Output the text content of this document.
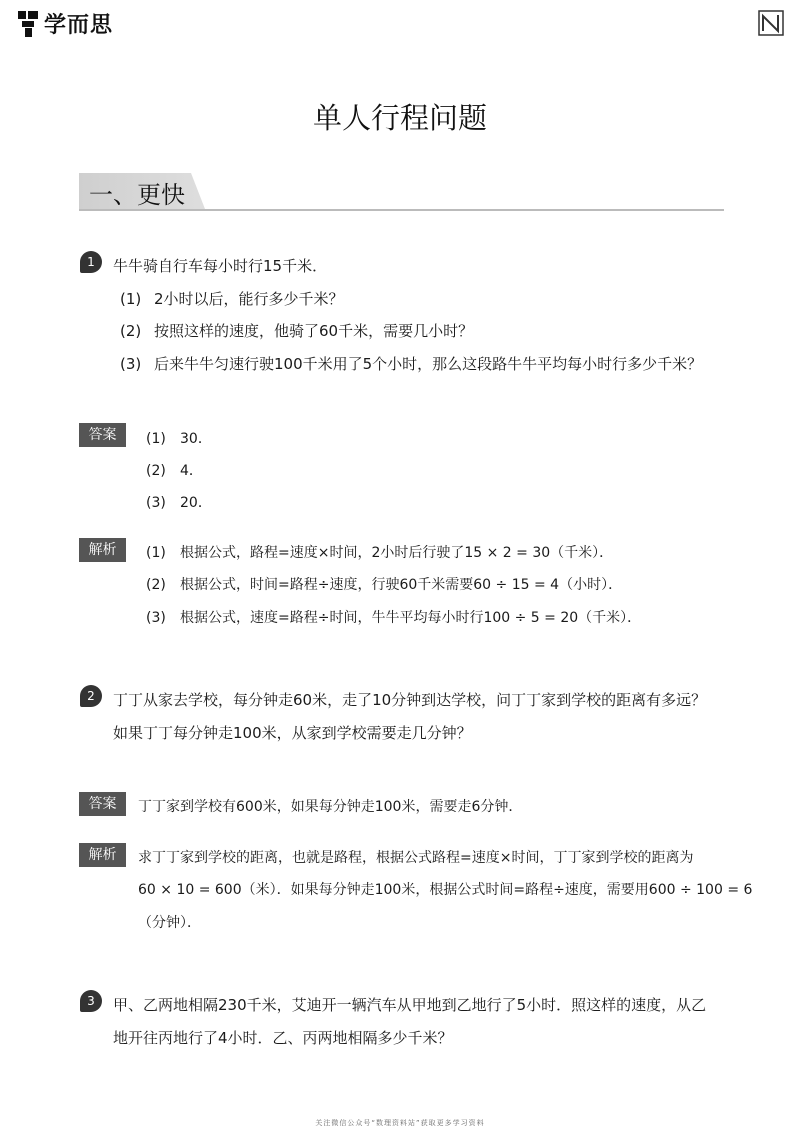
学而思
单人行程问题
一、更快
1	牛牛骑自行车每小时行15千米．
(1) 2小时以后，能行多少千米？
(2) 按照这样的速度，他骑了60千米，需要几小时？
(3) 后来牛牛匀速行驶100千米用了5个小时，那么这段路牛牛平均每小时行多少千米？
答案	(1) 30．
(2) 4．
(3) 20．
解析	(1) 根据公式，路程=速度×时间，2小时后行驶了15 × 2 = 30（千米）．
(2) 根据公式，时间=路程÷速度，行驶60千米需要60 ÷ 15 = 4（小时）．
(3) 根据公式，速度=路程÷时间，牛牛平均每小时行100 ÷ 5 = 20（千米）．
2	丁丁从家去学校，每分钟走60米，走了10分钟到达学校，问丁丁家到学校的距离有多远？
如果丁丁每分钟走100米，从家到学校需要走几分钟？
答案	丁丁家到学校有600米，如果每分钟走100米，需要走6分钟．
解析	求丁丁家到学校的距离，也就是路程，根据公式路程=速度×时间，丁丁家到学校的距离为
60 × 10 = 600（米）．如果每分钟走100米，根据公式时间=路程÷速度，需要用600 ÷ 100 = 6
（分钟）．
3	甲、乙两地相隔230千米，艾迪开一辆汽车从甲地到乙地行了5小时．照这样的速度，从乙
地开往丙地行了4小时．乙、丙两地相隔多少千米？
关注微信公众号“数理资料站”获取更多学习资料
